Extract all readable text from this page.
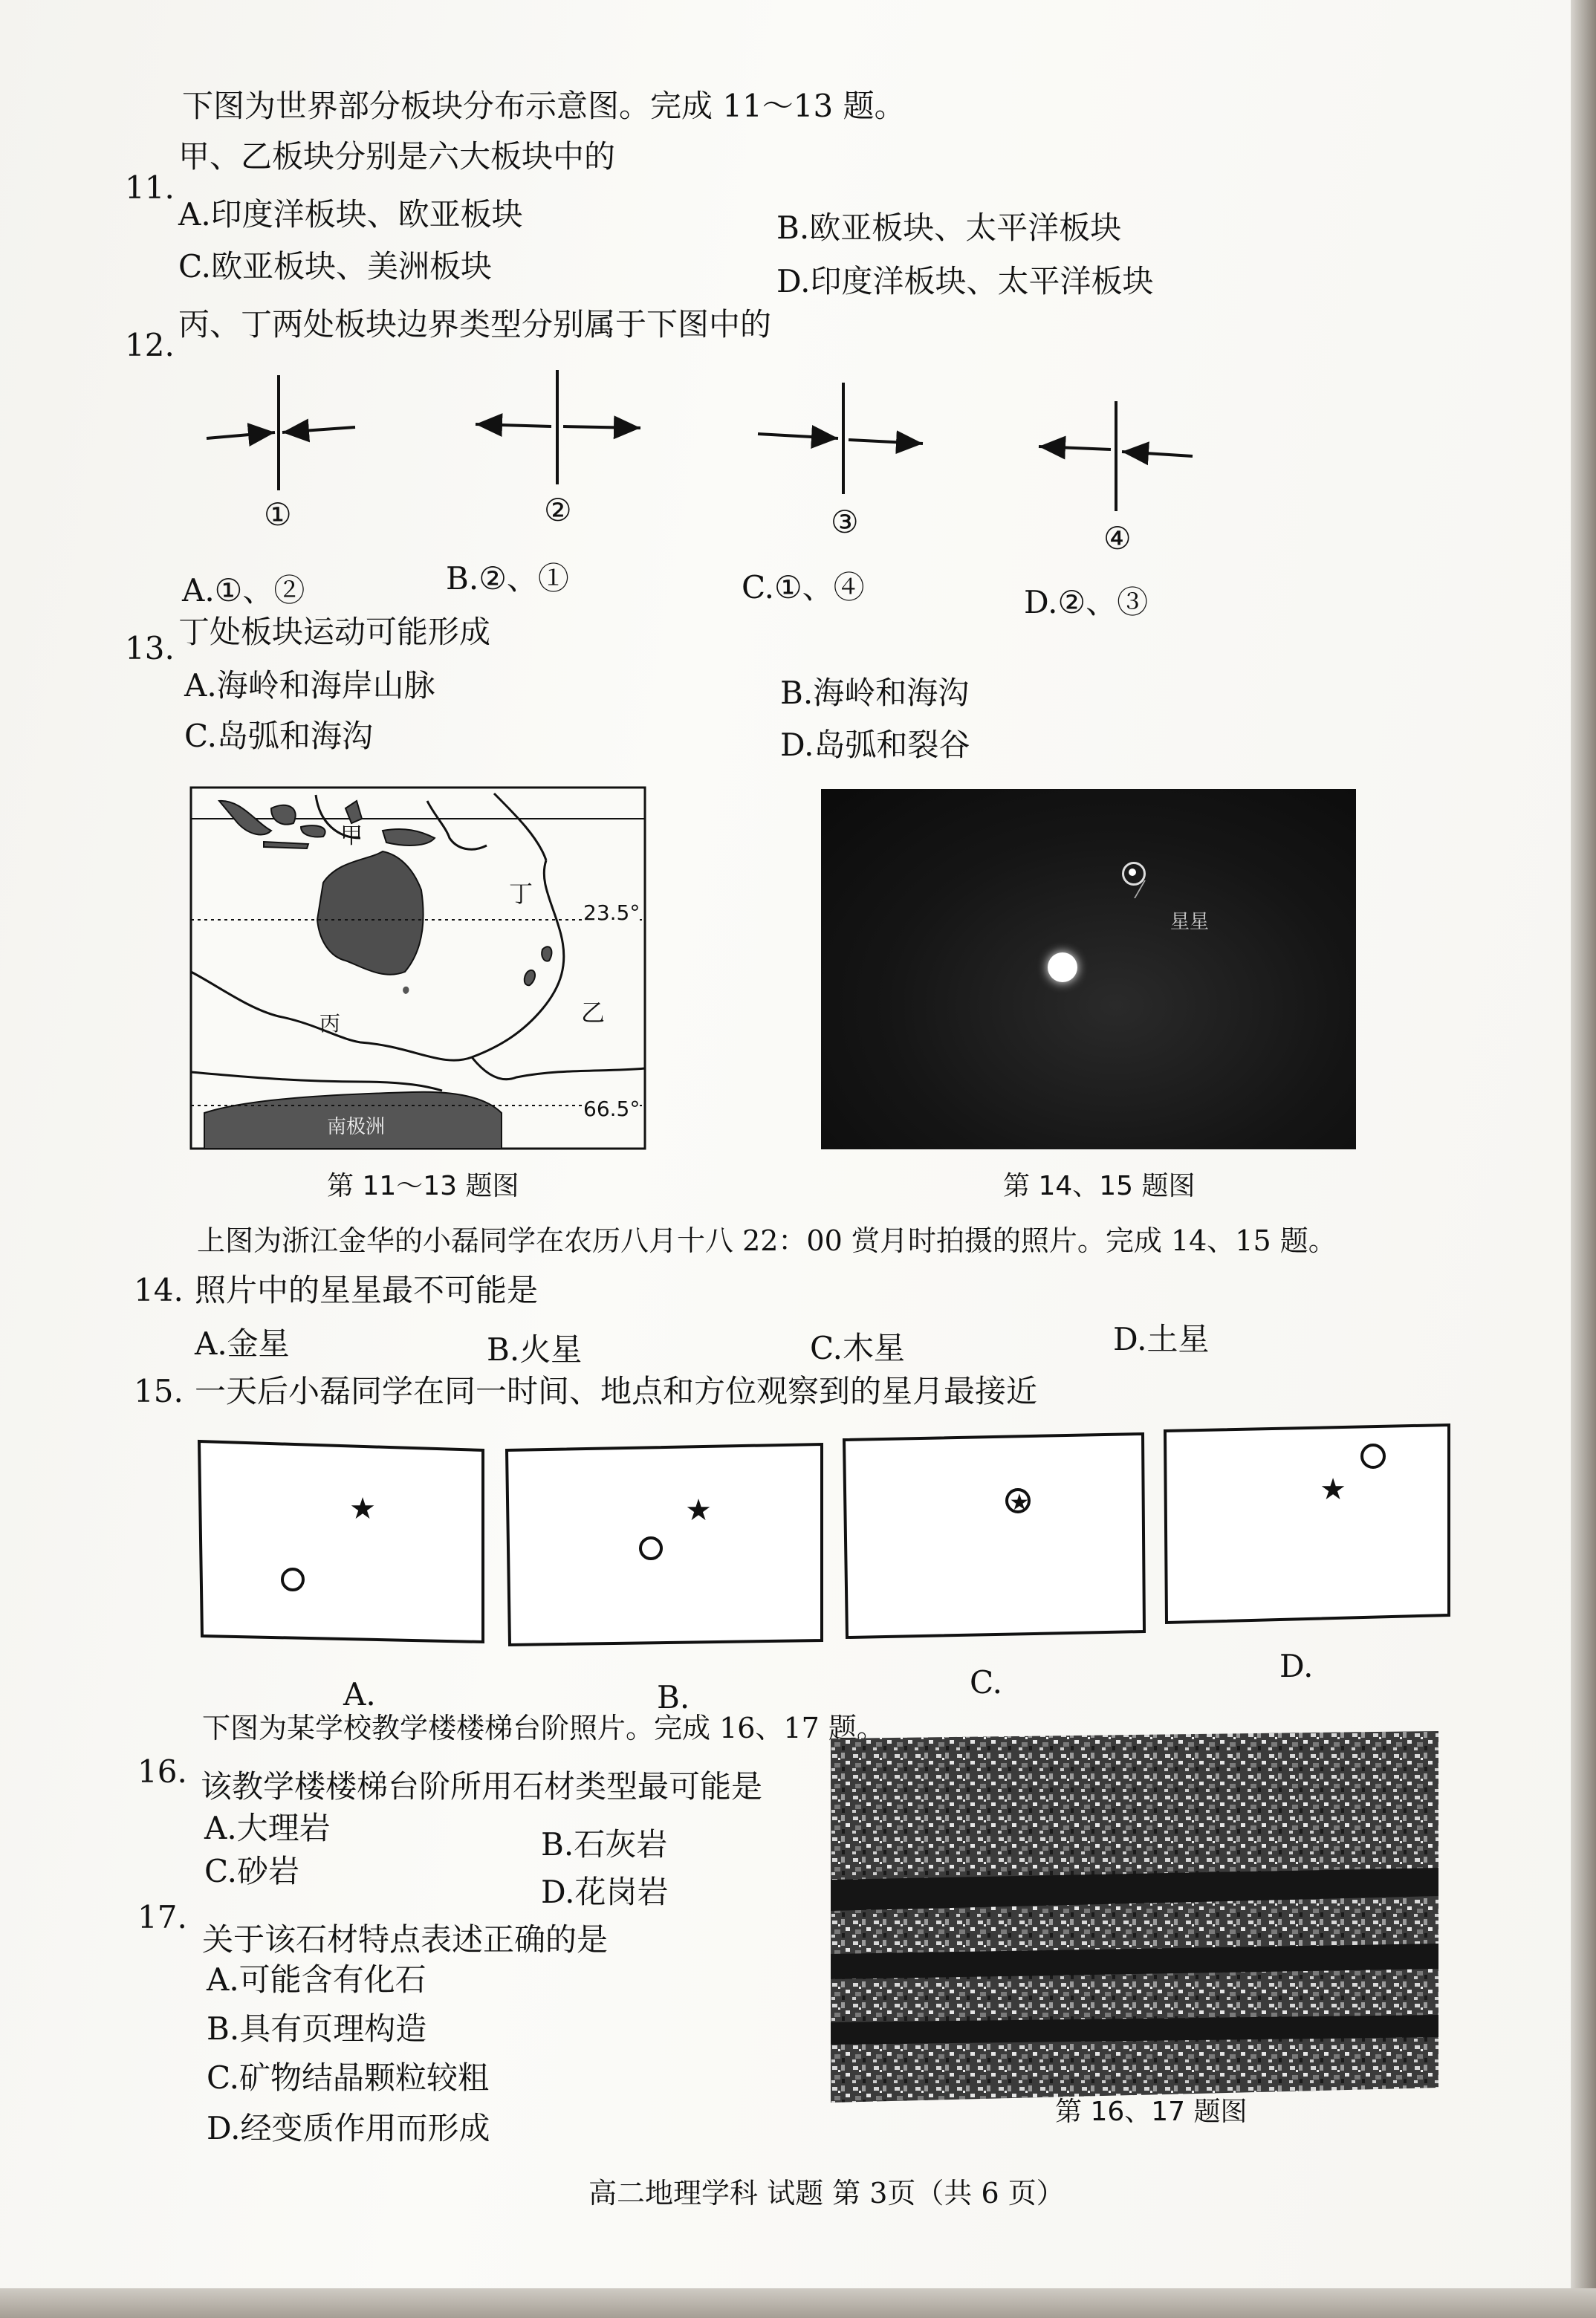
下图为世界部分板块分布示意图。完成 11～13 题。
11.
甲、乙板块分别是六大板块中的
A.印度洋板块、欧亚板块	B.欧亚板块、太平洋板块
C.欧亚板块、美洲板块	D.印度洋板块、太平洋板块
12.
丙、丁两处板块边界类型分别属于下图中的
①	②	③	④
A.①、②	B.②、①	C.①、④	D.②、③
13. 丁处板块运动可能形成
A.海岭和海岸山脉	B.海岭和海沟
C.岛弧和海沟	D.岛弧和裂谷
甲
丁
23.5°
乙
丙
66.5°
南极洲
第 11～13 题图
星星
第 14、15 题图
上图为浙江金华的小磊同学在农历八月十八 22：00 赏月时拍摄的照片。完成 14、15 题。
14. 照片中的星星最不可能是
A.金星	B.火星	C.木星	D.土星
15. 一天后小磊同学在同一时间、地点和方位观察到的星月最接近
★	★	★	★
A.	B.	C.	D.
下图为某学校教学楼楼梯台阶照片。完成 16、17 题。
16. 该教学楼楼梯台阶所用石材类型最可能是
A.大理岩	B.石灰岩
C.砂岩
D.花岗岩
17.
关于该石材特点表述正确的是
A.可能含有化石
B.具有页理构造
C.矿物结晶颗粒较粗
D.经变质作用而形成	第 16、17 题图
高二地理学科 试题 第 3页（共 6 页）
